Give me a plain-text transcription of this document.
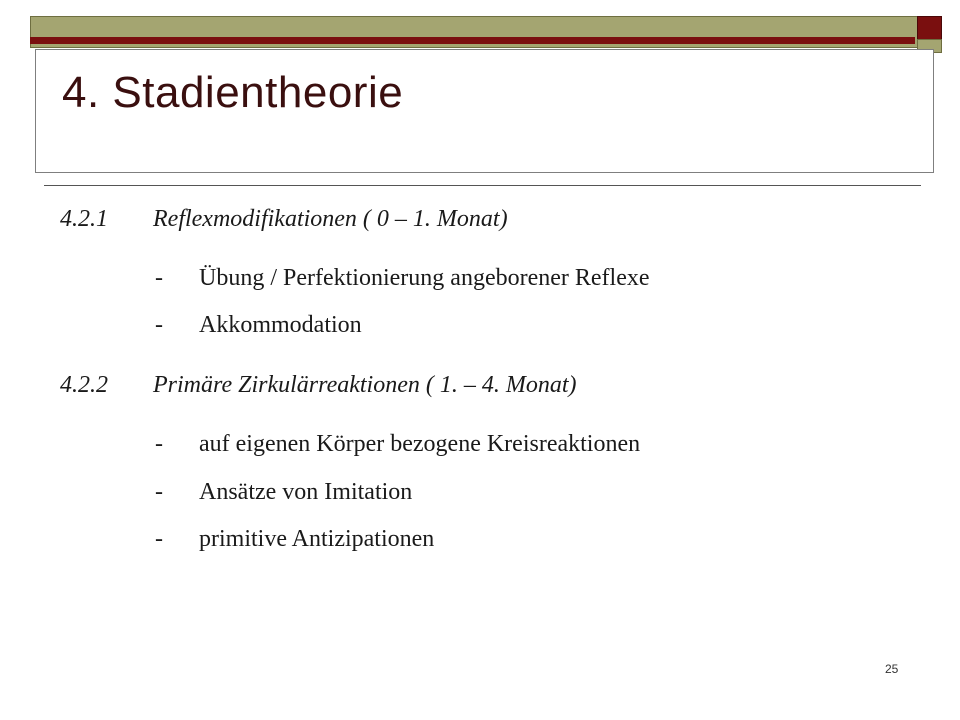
4. Stadientheorie
4.2.1 Reflexmodifikationen ( 0 – 1. Monat)
- Übung / Perfektionierung angeborener Reflexe
- Akkommodation
4.2.2 Primäre Zirkulärreaktionen ( 1. – 4. Monat)
- auf eigenen Körper bezogene Kreisreaktionen
- Ansätze von Imitation
- primitive Antizipationen
25
